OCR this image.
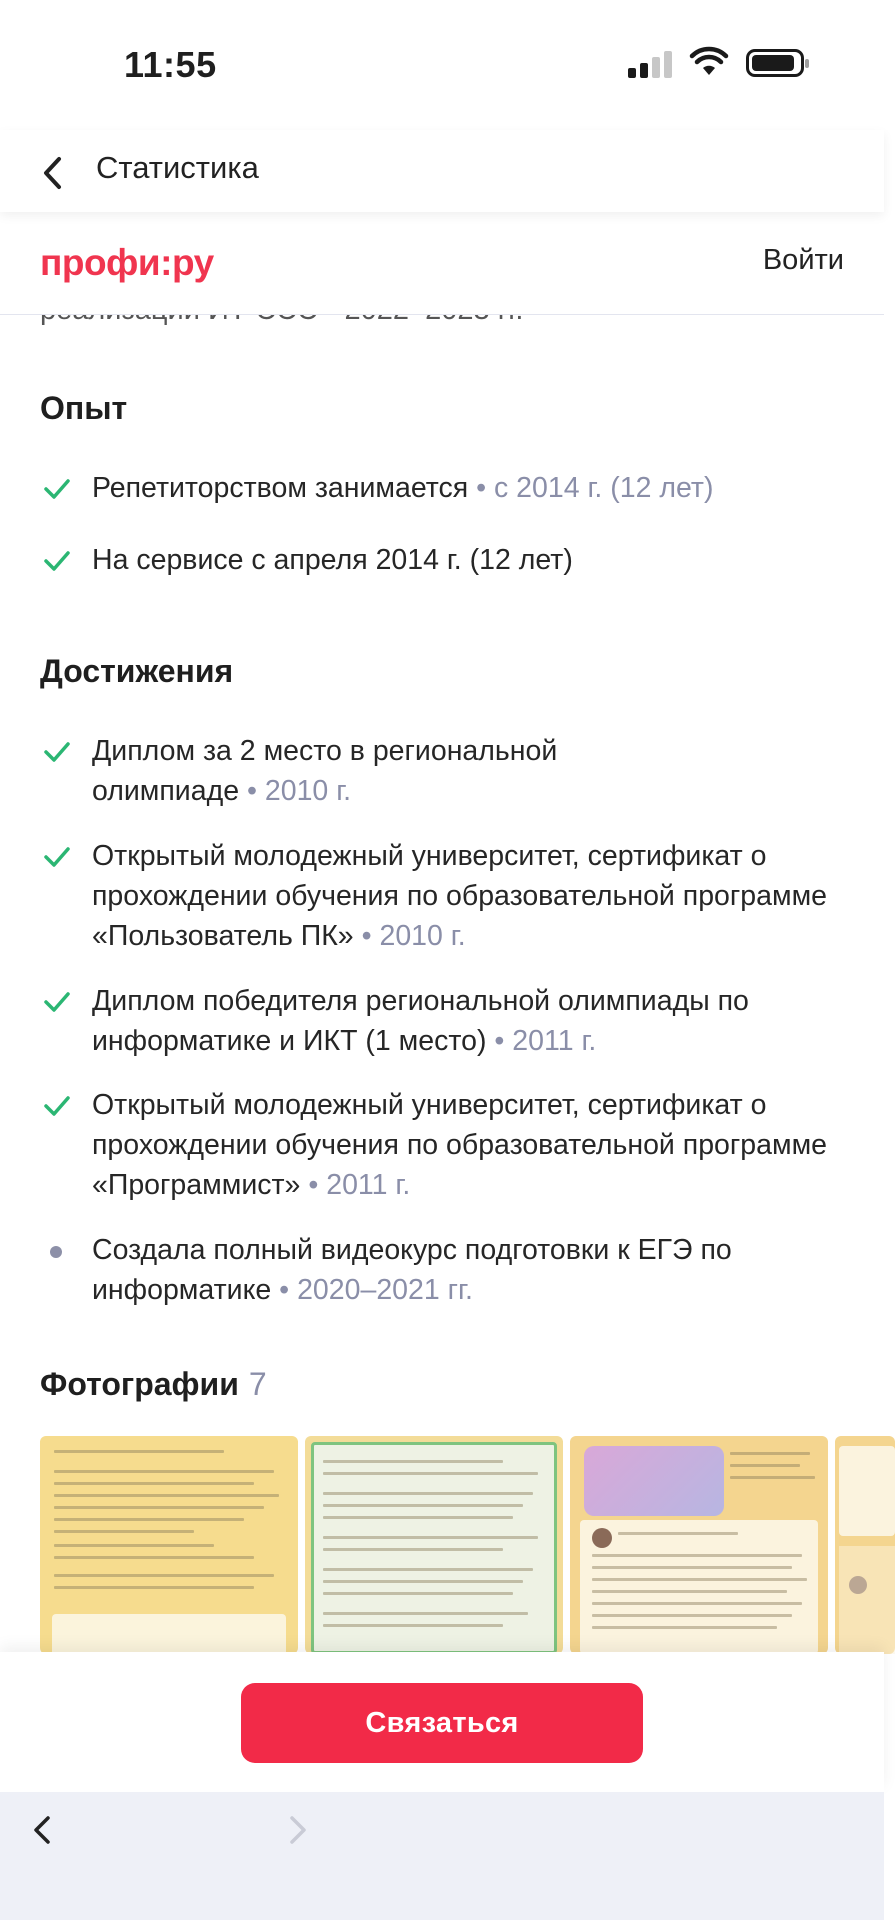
11:55
Статистика
профи:ру	Войти
Опыт
Репетиторством занимается • с 2014 г. (12 лет)
На сервисе с апреля 2014 г. (12 лет)
Достижения
Диплом за 2 место в региональной олимпиаде • 2010 г.
Открытый молодежный университет, сертификат о прохождении обучения по образовательной программе «Пользователь ПК» • 2010 г.
Диплом победителя региональной олимпиады по информатике и ИКТ (1 место) • 2011 г.
Открытый молодежный университет, сертификат о прохождении обучения по образовательной программе «Программист» • 2011 г.
Создала полный видеокурс подготовки к ЕГЭ по информатике • 2020–2021 гг.
Фотографии 7
Связаться
